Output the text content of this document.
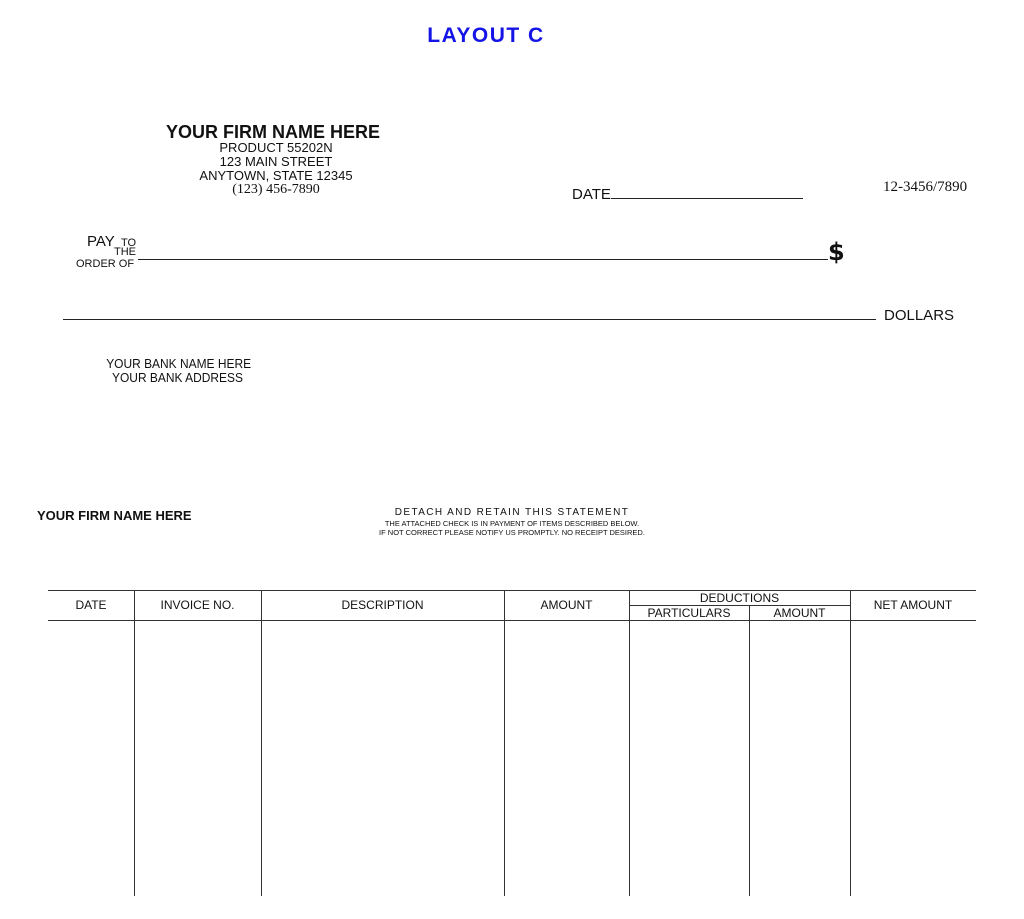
LAYOUT C
YOUR FIRM NAME HERE
PRODUCT 55202N
123 MAIN STREET
ANYTOWN, STATE 12345
(123) 456-7890	DATE	12-3456/7890
PAY TO
THE
ORDER OF	$
DOLLARS
YOUR BANK NAME HERE
YOUR BANK ADDRESS
YOUR FIRM NAME HERE	DETACH AND RETAIN THIS STATEMENT
THE ATTACHED CHECK IS IN PAYMENT OF ITEMS DESCRIBED BELOW.
IF NOT CORRECT PLEASE NOTIFY US PROMPTLY. NO RECEIPT DESIRED.
DATE	INVOICE NO.	DESCRIPTION	AMOUNT	DEDUCTIONS
PARTICULARS	AMOUNT
NET AMOUNT
